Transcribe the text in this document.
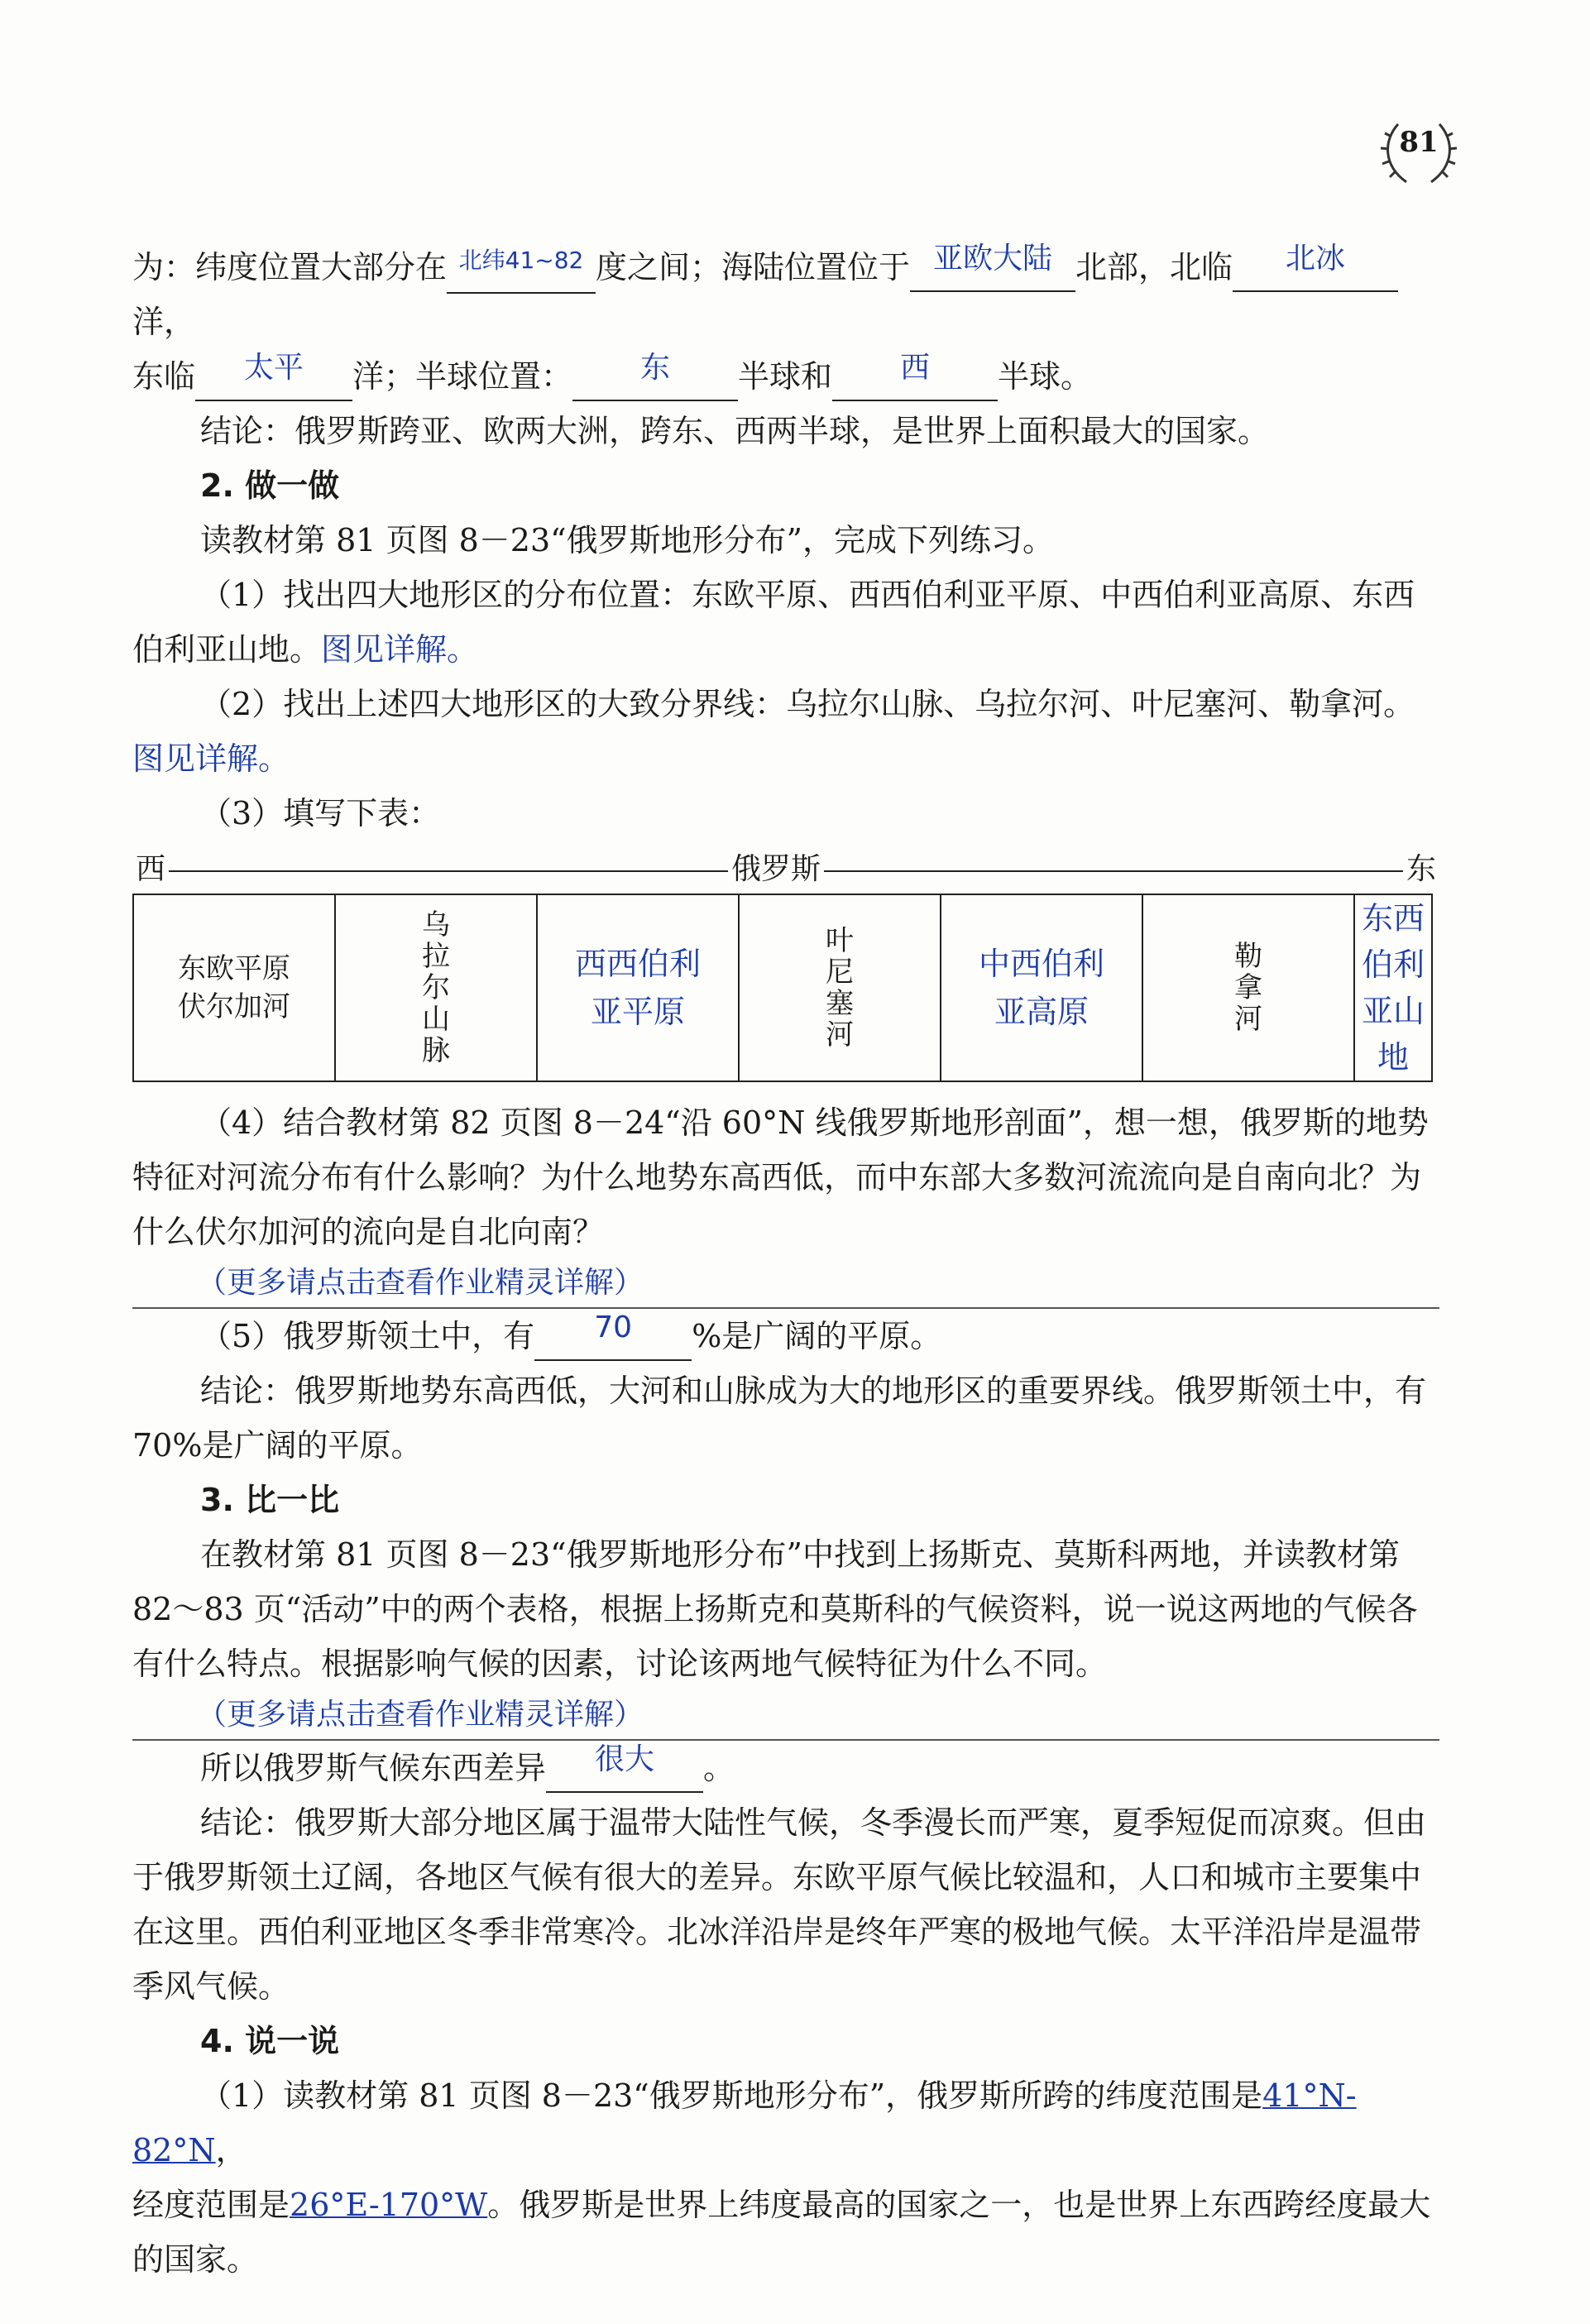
81

为：纬度位置大部分在 $^{北纬41\sim 82}$ 度之间；海陆位置位于 亚欧大陆 北部，北临 北冰洋，

东临 太平 洋；半球位置： 东 半球和 西 半球。

结论：俄罗斯跨亚、欧两大洲，跨东、西两半球，是世界上面积最大的国家。

2. 做一做

读教材第 81 页图 8－23“俄罗斯地形分布”，完成下列练习。

（1）找出四大地形区的分布位置：东欧平原、西西伯利亚平原、中西伯利亚高原、东西伯利亚山地。图见详解。

（2）找出上述四大地形区的大致分界线：乌拉尔山脉、乌拉尔河、叶尼塞河、勒拿河。图见详解。

（3）填写下表：

西	俄罗斯	东
东欧平原伏尔加河	乌拉尔山脉	西西伯利亚平原	叶尼塞河	中西伯利亚高原	勒拿河	东西伯利亚山地

（4）结合教材第 82 页图 8－24“沿 60°N 线俄罗斯地形剖面”，想一想，俄罗斯的地势特征对河流分布有什么影响？为什么地势东高西低，而中东部大多数河流流向是自南向北？为什么伏尔加河的流向是自北向南？

（更多请点击查看作业精灵详解）

（5）俄罗斯领土中，有 70 %是广阔的平原。

结论：俄罗斯地势东高西低，大河和山脉成为大的地形区的重要界线。俄罗斯领土中，有 70%是广阔的平原。

3. 比一比

在教材第 81 页图 8－23“俄罗斯地形分布”中找到上扬斯克、莫斯科两地，并读教材第 82～83 页“活动”中的两个表格，根据上扬斯克和莫斯科的气候资料，说一说这两地的气候各有什么特点。根据影响气候的因素，讨论该两地气候特征为什么不同。

（更多请点击查看作业精灵详解）

所以俄罗斯气候东西差异 很大 。

结论：俄罗斯大部分地区属于温带大陆性气候，冬季漫长而严寒，夏季短促而凉爽。但由于俄罗斯领土辽阔，各地区气候有很大的差异。东欧平原气候比较温和，人口和城市主要集中在这里。西伯利亚地区冬季非常寒冷。北冰洋沿岸是终年严寒的极地气候。太平洋沿岸是温带季风气候。

4. 说一说

（1）读教材第 81 页图 8－23“俄罗斯地形分布”，俄罗斯所跨的纬度范围是41°N-82°N，

经度范围是26°E-170°W。俄罗斯是世界上纬度最高的国家之一，也是世界上东西跨经度最大的国家。
